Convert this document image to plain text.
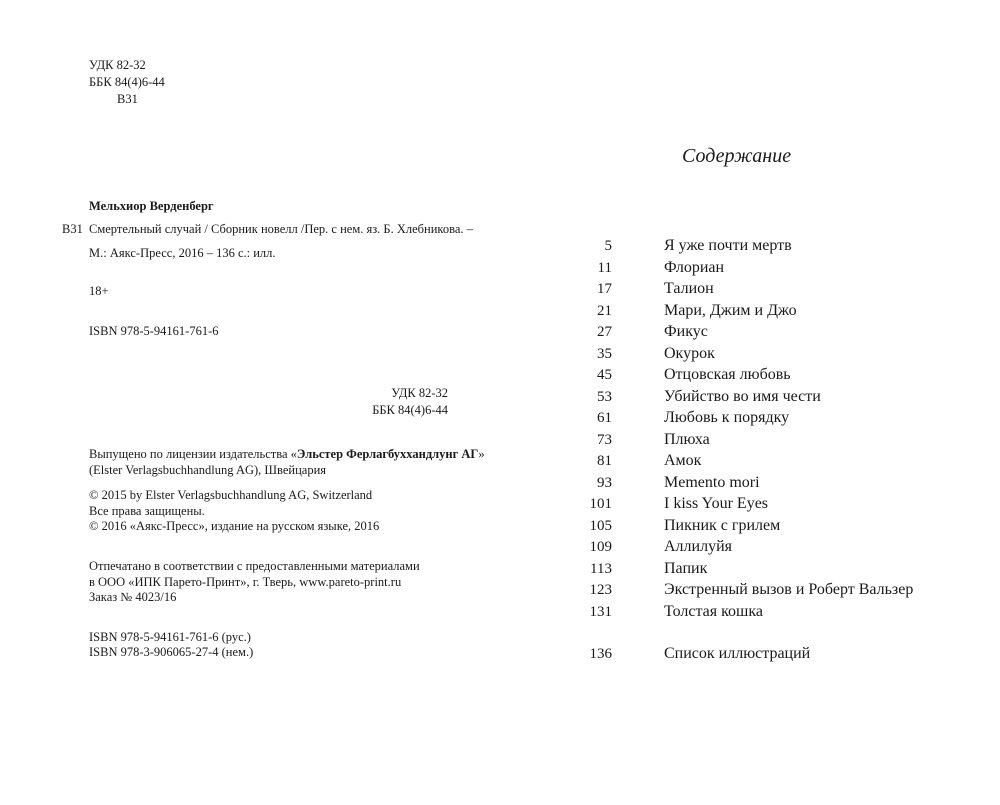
УДК 82-32
ББК 84(4)6-44
В31
Мельхиор Верденберг
В31 Смертельный случай / Сборник новелл /Пер. с нем. яз. Б. Хлебникова. –
М.: Аякс-Пресс, 2016 – 136 с.: илл.
18+
ISBN 978-5-94161-761-6
УДК 82-32
ББК 84(4)6-44
Выпущено по лицензии издательства «Эльстер Ферлагбуххандлунг АГ»
(Elster Verlagsbuchhandlung AG), Швейцария
© 2015 by Elster Verlagsbuchhandlung AG, Switzerland
Все права защищены.
© 2016 «Аякс-Пресс», издание на русском языке, 2016
Отпечатано в соответствии с предоставленными материалами
в ООО «ИПК Парето-Принт», г. Тверь, www.pareto-print.ru
Заказ № 4023/16
ISBN 978-5-94161-761-6 (рус.)
ISBN 978-3-906065-27-4 (нем.)
Содержание
5	Я уже почти мертв
11	Флориан
17	Талион
21	Мари, Джим и Джо
27	Фикус
35	Окурок
45	Отцовская любовь
53	Убийство во имя чести
61	Любовь к порядку
73	Плюха
81	Амок
93	Memento mori
101	I kiss Your Eyes
105	Пикник с грилем
109	Аллилуйя
113	Папик
123	Экстренный вызов и Роберт Вальзер
131	Толстая кошка
136	Список иллюстраций
